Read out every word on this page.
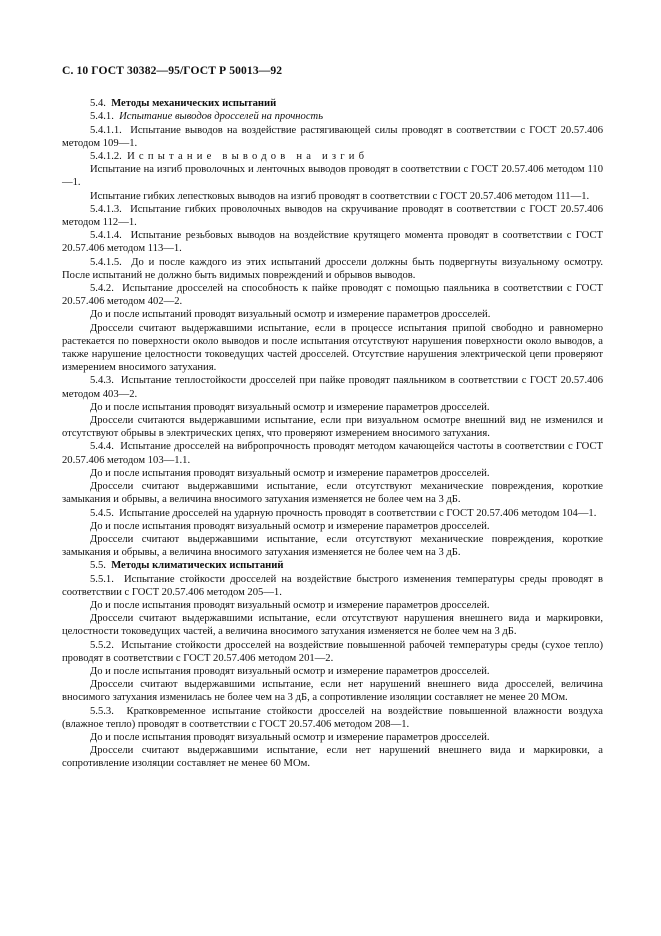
С. 10 ГОСТ 30382—95/ГОСТ Р 50013—92

5.4.  Методы механических испытаний

5.4.1.  Испытание выводов дросселей на прочность

5.4.1.1.  Испытание выводов на воздействие растягивающей силы проводят в соответствии с ГОСТ 20.57.406 методом 109—1.

5.4.1.2.  Испытание выводов на изгиб

Испытание на изгиб проволочных и ленточных выводов проводят в соответствии с ГОСТ 20.57.406 методом 110—1.

Испытание гибких лепестковых выводов на изгиб проводят в соответствии с ГОСТ 20.57.406 методом 111—1.

5.4.1.3.  Испытание гибких проволочных выводов на скручивание проводят в соответствии с ГОСТ 20.57.406 методом 112—1.

5.4.1.4.  Испытание резьбовых выводов на воздействие крутящего момента проводят в соответствии с ГОСТ 20.57.406 методом 113—1.

5.4.1.5.  До и после каждого из этих испытаний дроссели должны быть подвергнуты визуальному осмотру. После испытаний не должно быть видимых повреждений и обрывов выводов.

5.4.2.  Испытание дросселей на способность к пайке проводят с помощью паяльника в соответствии с ГОСТ 20.57.406 методом 402—2.

До и после испытаний проводят визуальный осмотр и измерение параметров дросселей.

Дроссели считают выдержавшими испытание, если в процессе испытания припой свободно и равномерно растекается по поверхности около выводов и после испытания отсутствуют нарушения поверхности около выводов, а также нарушение целостности токоведущих частей дросселей. Отсутствие нарушения электрической цепи проверяют измерением вносимого затухания.

5.4.3.  Испытание теплостойкости дросселей при пайке проводят паяльником в соответствии с ГОСТ 20.57.406 методом 403—2.

До и после испытания проводят визуальный осмотр и измерение параметров дросселей.

Дроссели считаются выдержавшими испытание, если при визуальном осмотре внешний вид не изменился и отсутствуют обрывы в электрических цепях, что проверяют измерением вносимого затухания.

5.4.4.  Испытание дросселей на вибропрочность проводят методом качающейся частоты в соответствии с ГОСТ 20.57.406 методом 103—1.1.

До и после испытания проводят визуальный осмотр и измерение параметров дросселей.

Дроссели считают выдержавшими испытание, если отсутствуют механические повреждения, короткие замыкания и обрывы, а величина вносимого затухания изменяется не более чем на 3 дБ.

5.4.5.  Испытание дросселей на ударную прочность проводят в соответствии с ГОСТ 20.57.406 методом 104—1.

До и после испытания проводят визуальный осмотр и измерение параметров дросселей.

Дроссели считают выдержавшими испытание, если отсутствуют механические повреждения, короткие замыкания и обрывы, а величина вносимого затухания изменяется не более чем на 3 дБ.

5.5.  Методы климатических испытаний

5.5.1.  Испытание стойкости дросселей на воздействие быстрого изменения температуры среды проводят в соответствии с ГОСТ 20.57.406 методом 205—1.

До и после испытания проводят визуальный осмотр и измерение параметров дросселей.

Дроссели считают выдержавшими испытание, если отсутствуют нарушения внешнего вида и маркировки, целостности токоведущих частей, а величина вносимого затухания изменяется не более чем на 3 дБ.

5.5.2.  Испытание стойкости дросселей на воздействие повышенной рабочей температуры среды (сухое тепло) проводят в соответствии с ГОСТ 20.57.406 методом 201—2.

До и после испытания проводят визуальный осмотр и измерение параметров дросселей.

Дроссели считают выдержавшими испытание, если нет нарушений внешнего вида дросселей, величина вносимого затухания изменилась не более чем на 3 дБ, а сопротивление изоляции составляет не менее 20 МОм.

5.5.3.  Кратковременное испытание стойкости дросселей на воздействие повышенной влажности воздуха (влажное тепло) проводят в соответствии с ГОСТ 20.57.406 методом 208—1.

До и после испытания проводят визуальный осмотр и измерение параметров дросселей.

Дроссели считают выдержавшими испытание, если нет нарушений внешнего вида и маркировки, а сопротивление изоляции составляет не менее 60 МОм.
